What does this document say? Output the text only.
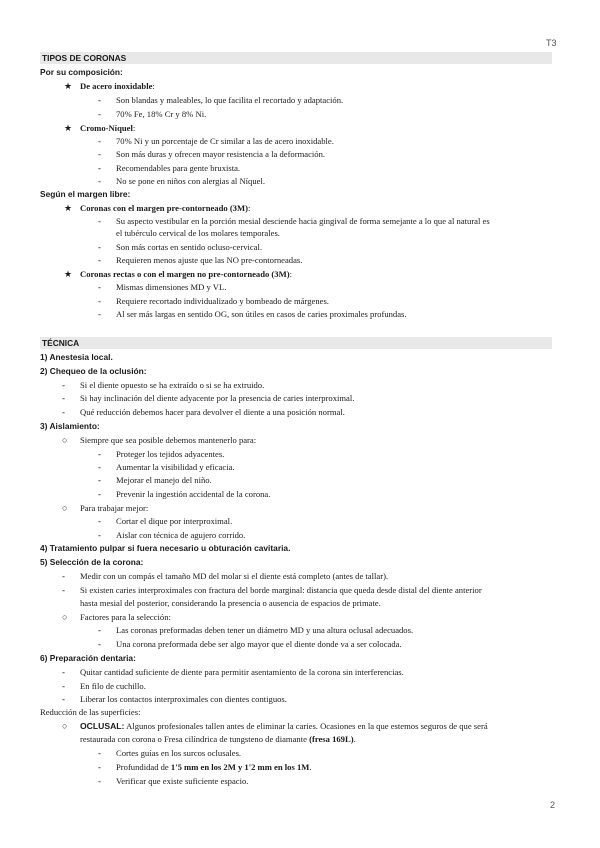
T3
TIPOS DE CORONAS
Por su composición:
★ De acero inoxidable:
- Son blandas y maleables, lo que facilita el recortado y adaptación.
- 70% Fe, 18% Cr y 8% Ni.
★ Cromo-Níquel:
- 70% Ni y un porcentaje de Cr similar a las de acero inoxidable.
- Son más duras y ofrecen mayor resistencia a la deformación.
- Recomendables para gente bruxista.
- No se pone en niños con alergias al Níquel.
Según el margen libre:
★ Coronas con el margen pre-contorneado (3M):
- Su aspecto vestibular en la porción mesial desciende hacia gingival de forma semejante a lo que al natural es
el tubérculo cervical de los molares temporales.
- Son más cortas en sentido ocluso-cervical.
- Requieren menos ajuste que las NO pre-contorneadas.
★ Coronas rectas o con el margen no pre-contorneado (3M):
- Mismas dimensiones MD y VL.
- Requiere recortado individualizado y bombeado de márgenes.
- Al ser más largas en sentido OG, son útiles en casos de caries proximales profundas.
TÉCNICA
1) Anestesia local.
2) Chequeo de la oclusión:
- Si el diente opuesto se ha extraído o si se ha extruido.
- Si hay inclinación del diente adyacente por la presencia de caries interproximal.
- Qué reducción debemos hacer para devolver el diente a una posición normal.
3) Aislamiento:
○ Siempre que sea posible debemos mantenerlo para:
- Proteger los tejidos adyacentes.
- Aumentar la visibilidad y eficacia.
- Mejorar el manejo del niño.
- Prevenir la ingestión accidental de la corona.
○ Para trabajar mejor:
- Cortar el dique por interproximal.
- Aislar con técnica de agujero corrido.
4) Tratamiento pulpar si fuera necesario u obturación cavitaria.
5) Selección de la corona:
- Medir con un compás el tamaño MD del molar si el diente está completo (antes de tallar).
- Si existen caries interproximales con fractura del borde marginal: distancia que queda desde distal del diente anterior
hasta mesial del posterior, considerando la presencia o ausencia de espacios de primate.
○ Factores para la selección:
- Las coronas preformadas deben tener un diámetro MD y una altura oclusal adecuados.
- Una corona preformada debe ser algo mayor que el diente donde va a ser colocada.
6) Preparación dentaria:
- Quitar cantidad suficiente de diente para permitir asentamiento de la corona sin interferencias.
- En filo de cuchillo.
- Liberar los contactos interproximales con dientes contiguos.
Reducción de las superficies:
○ OCLUSAL: Algunos profesionales tallen antes de eliminar la caries. Ocasiones en la que estemos seguros de que será
restaurada con corona o Fresa cilíndrica de tungsteno de diamante (fresa 169L).
- Cortes guías en los surcos oclusales.
- Profundidad de 1'5 mm en los 2M y 1'2 mm en los 1M.
- Verificar que existe suficiente espacio.
2
